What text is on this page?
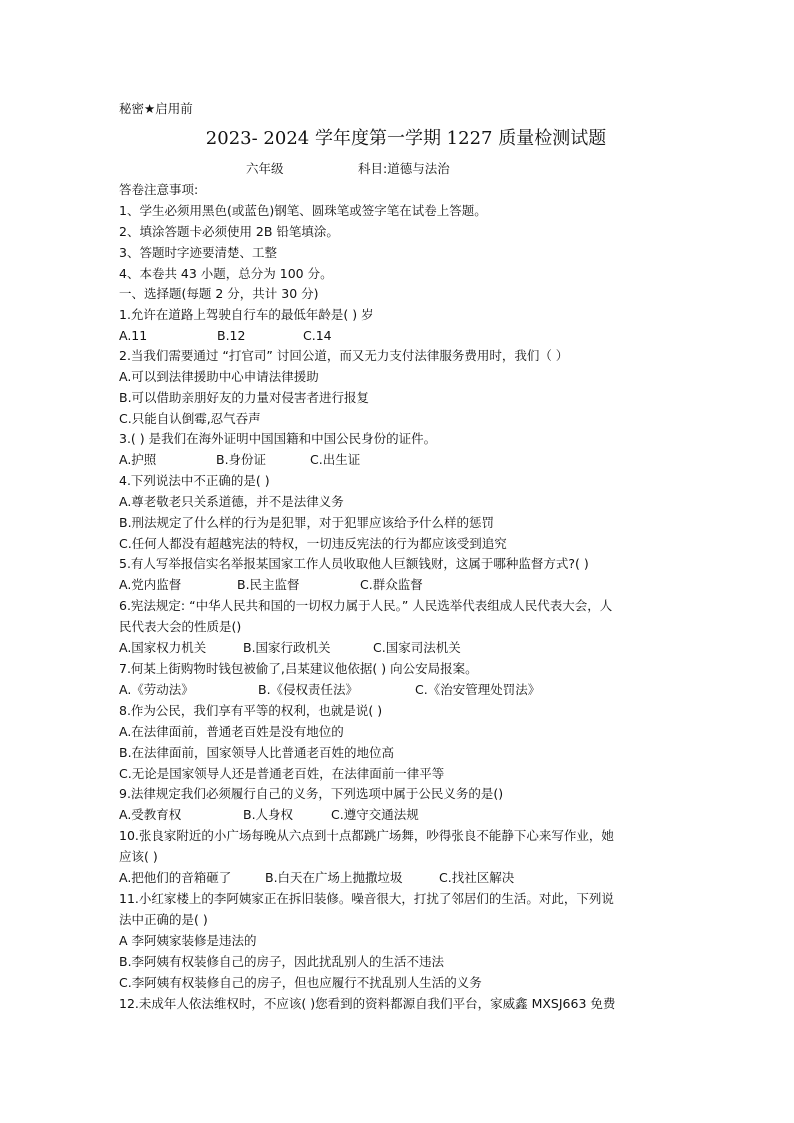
秘密★启用前
2023- 2024 学年度第一学期 1227 质量检测试题
六年级	科目:道德与法治
答卷注意事项:
1、学生必须用黑色(或蓝色)钢笔、圆珠笔或签字笔在试卷上答题。
2、填涂答题卡必须使用 2B 铅笔填涂。
3、答题时字迹要清楚、工整
4、本卷共 43 小题，总分为 100 分。
一、选择题(每题 2 分，共计 30 分)
1.允许在道路上驾驶自行车的最低年龄是( ) 岁
A.11	B.12	C.14
2.当我们需要通过 “打官司” 讨回公道，而又无力支付法律服务费用时，我们（ ）
A.可以到法律援助中心申请法律援助
B.可以借助亲朋好友的力量对侵害者进行报复
C.只能自认倒霉,忍气吞声
3.( ) 是我们在海外证明中国国籍和中国公民身份的证件。
A.护照	B.身份证	C.出生证
4.下列说法中不正确的是( )
A.尊老敬老只关系道德，并不是法律义务
B.刑法规定了什么样的行为是犯罪，对于犯罪应该给予什么样的惩罚
C.任何人都没有超越宪法的特权，一切违反宪法的行为都应该受到追究
5.有人写举报信实名举报某国家工作人员收取他人巨额钱财，这属于哪种监督方式?( )
A.党内监督	B.民主监督	C.群众监督
6.宪法规定: “中华人民共和国的一切权力属于人民。” 人民选举代表组成人民代表大会，人
民代表大会的性质是()
A.国家权力机关	B.国家行政机关	C.国家司法机关
7.何某上街购物时钱包被偷了,吕某建议他依据( ) 向公安局报案。
A.《劳动法》	B.《侵权责任法》	C.《治安管理处罚法》
8.作为公民，我们享有平等的权利，也就是说( )
A.在法律面前，普通老百姓是没有地位的
B.在法律面前，国家领导人比普通老百姓的地位高
C.无论是国家领导人还是普通老百姓，在法律面前一律平等
9.法律规定我们必须履行自己的义务，下列选项中属于公民义务的是()
A.受教育权	B.人身权	C.遵守交通法规
10.张良家附近的小广场每晚从六点到十点都跳广场舞，吵得张良不能静下心来写作业，她
应该( )
A.把他们的音箱砸了	B.白天在广场上抛撒垃圾	C.找社区解决
11.小红家楼上的李阿姨家正在拆旧装修。噪音很大，打扰了邻居们的生活。对此，下列说
法中正确的是( )
A 李阿姨家装修是违法的
B.李阿姨有权装修自己的房子，因此扰乱别人的生活不违法
C.李阿姨有权装修自己的房子，但也应履行不扰乱别人生活的义务
12.未成年人依法维权时，不应该( )您看到的资料都源自我们平台，家威鑫 MXSJ663 免费
